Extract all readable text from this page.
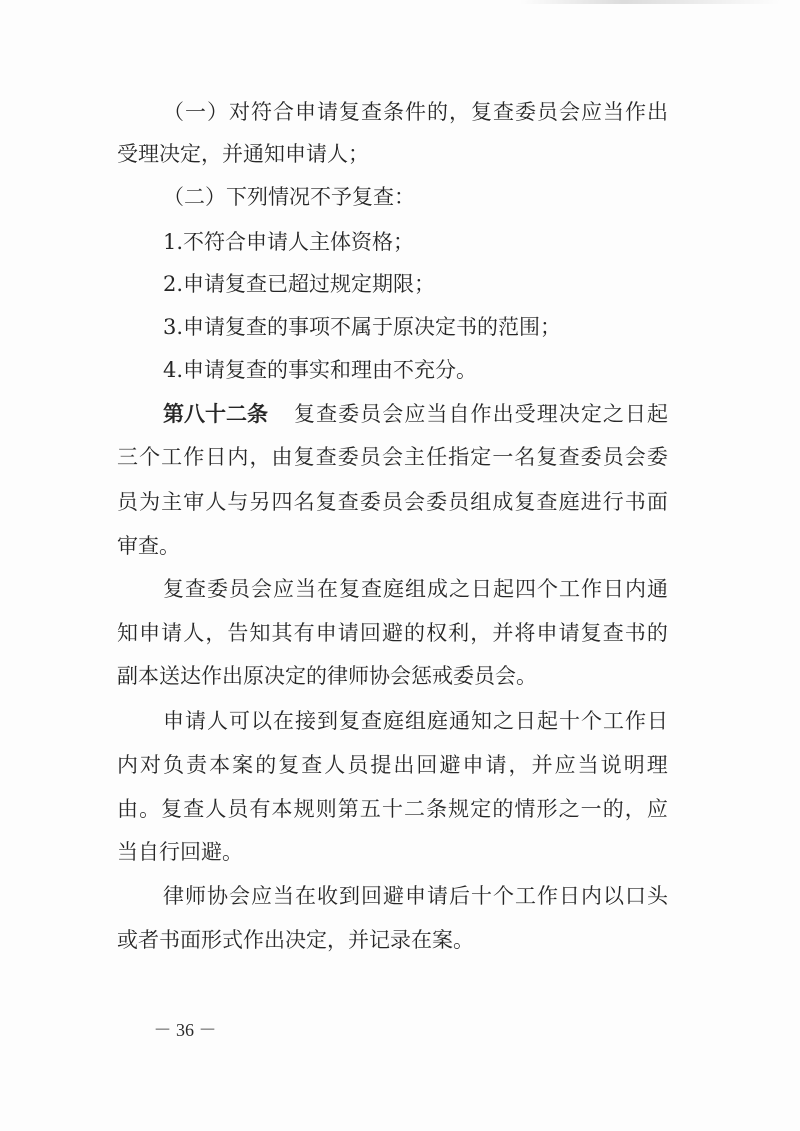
（ 一 ） 对 符 合 申 请 复 查 条 件 的 ， 复 查 委 员 会 应 当 作 出
受理决定，并通知申请人；
（二）下列情况不予复查：
1.不符合申请人主体资格；
2.申请复查已超过规定期限；
3.申请复查的事项不属于原决定书的范围；
4.申请复查的事实和理由不充分。
第八十二条 复 查 委 员 会 应 当 自 作 出 受 理 决 定 之 日 起
三 个 工 作 日 内 ， 由 复 查 委 员 会 主 任 指 定 一 名 复 查 委 员 会 委
员 为 主 审 人 与 另 四 名 复 查 委 员 会 委 员 组 成 复 查 庭 进 行 书 面
审查。
复 查 委 员 会 应 当 在 复 查 庭 组 成 之 日 起 四 个 工 作 日 内 通
知 申 请 人 ， 告 知 其 有 申 请 回 避 的 权 利 ， 并 将 申 请 复 查 书 的
副本送达作出原决定的律师协会惩戒委员会。
申 请 人 可 以 在 接 到 复 查 庭 组 庭 通 知 之 日 起 十 个 工 作 日
内 对 负 责 本 案 的 复 查 人 员 提 出 回 避 申 请 ， 并 应 当 说 明 理
由 。 复 查 人 员 有 本 规 则 第 五 十 二 条 规 定 的 情 形 之 一 的 ， 应
当自行回避。
律 师 协 会 应 当 在 收 到 回 避 申 请 后 十 个 工 作 日 内 以 口 头
或者书面形式作出决定，并记录在案。
－ 36 －
